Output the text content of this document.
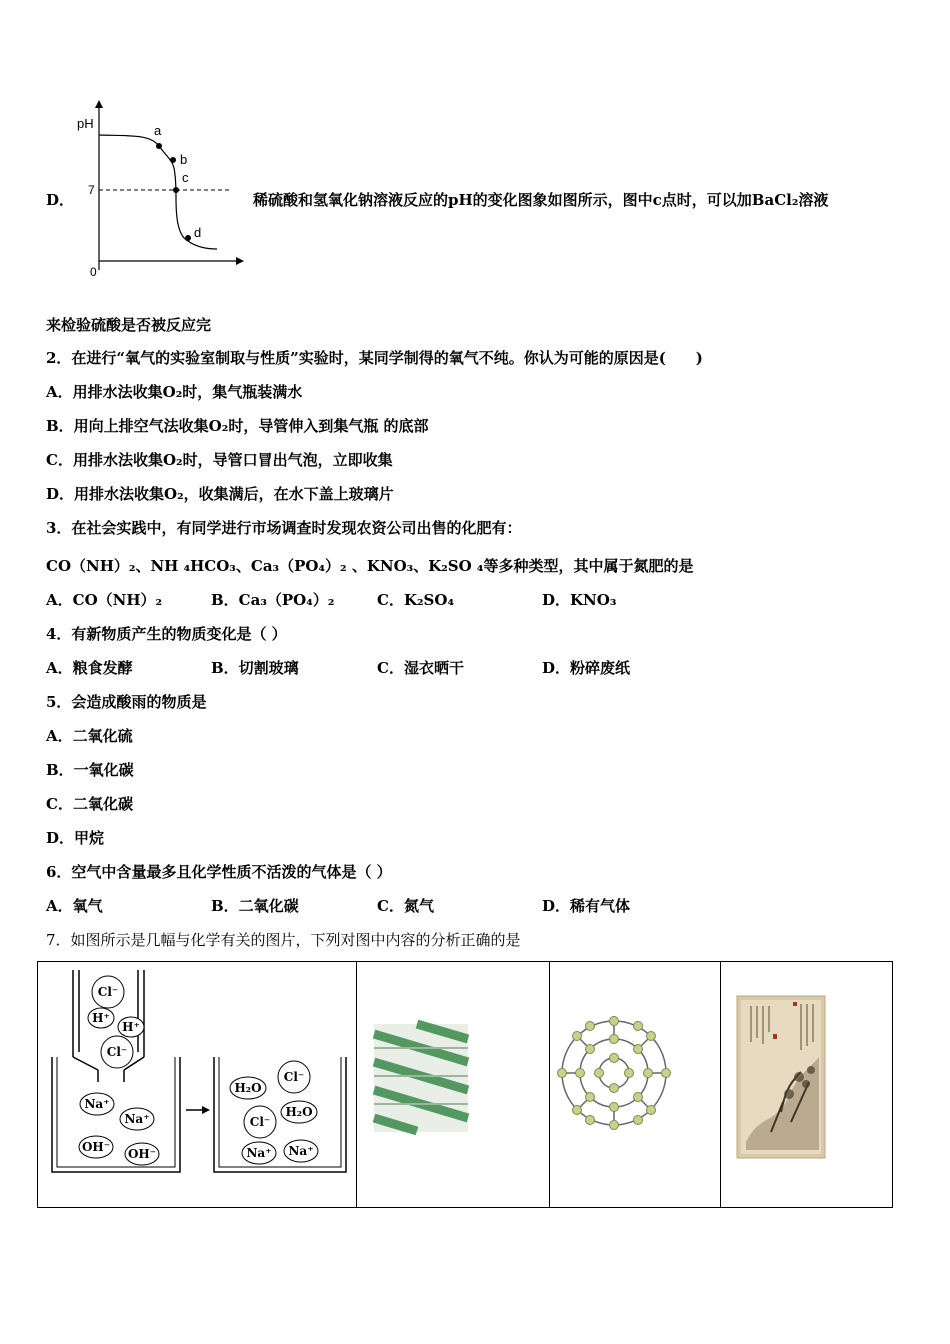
D．
pH
7
0
a
b
c
d
稀硫酸和氢氧化钠溶液反应的pH的变化图象如图所示，图中c点时，可以加BaCl₂溶液
来检验硫酸是否被反应完
2．在进行“氧气的实验室制取与性质”实验时，某同学制得的氧气不纯。你认为可能的原因是(　　)
A．用排水法收集O₂时，集气瓶装满水
B．用向上排空气法收集O₂时，导管伸入到集气瓶 的底部
C．用排水法收集O₂时，导管口冒出气泡，立即收集
D．用排水法收集O₂，收集满后，在水下盖上玻璃片
3．在社会实践中，有同学进行市场调查时发现农资公司出售的化肥有：
CO（NH）₂、NH ₄HCO₃、Ca₃（PO₄）₂ 、KNO₃、K₂SO ₄等多种类型，其中属于氮肥的是
A．CO（NH）₂	B．Ca₃（PO₄）₂	C．K₂SO₄	D．KNO₃
4．有新物质产生的物质变化是（ ）
A．粮食发酵	B．切割玻璃	C．湿衣晒干	D．粉碎废纸
5．会造成酸雨的物质是
A．二氧化硫
B．一氧化碳
C．二氧化碳
D．甲烷
6．空气中含量最多且化学性质不活泼的气体是（ ）
A．氧气	B．二氧化碳	C．氮气	D．稀有气体
7．如图所示是几幅与化学有关的图片，下列对图中内容的分析正确的是
Cl⁻
H⁺
H⁺
Cl⁻
Na⁺
Na⁺
OH⁻ OH⁻
H₂O
Cl⁻
H₂O
Cl⁻
Na⁺ Na⁺
